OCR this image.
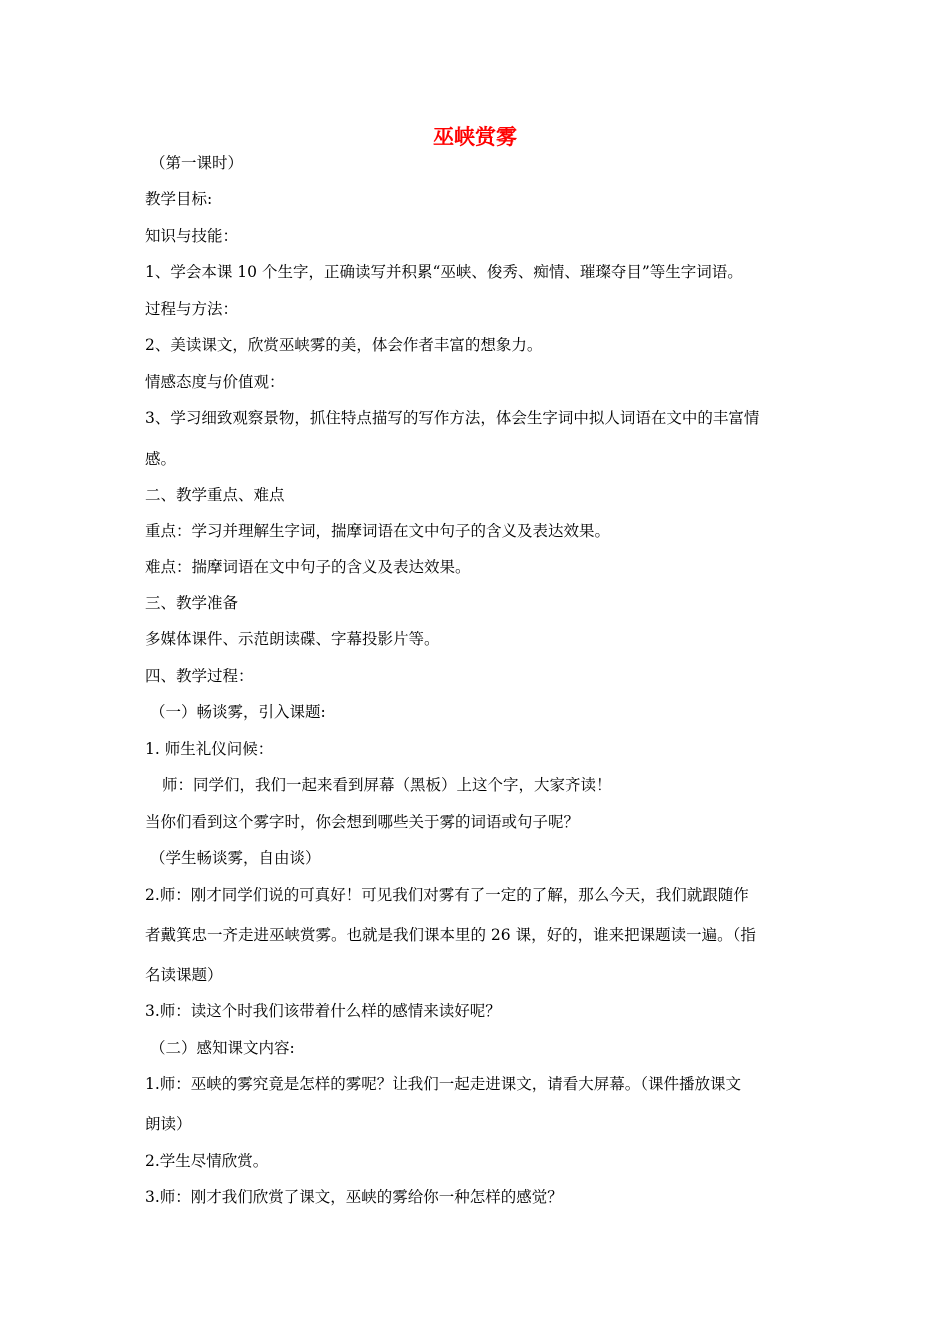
巫峡赏雾
（第一课时）
教学目标:
知识与技能：
1、学会本课 10 个生字，正确读写并积累“巫峡、俊秀、痴情、璀璨夺目”等生字词语。
过程与方法：
2、美读课文，欣赏巫峡雾的美，体会作者丰富的想象力。
情感态度与价值观：
3、学习细致观察景物，抓住特点描写的写作方法，体会生字词中拟人词语在文中的丰富情
感。
二、教学重点、难点
重点：学习并理解生字词，揣摩词语在文中句子的含义及表达效果。
难点：揣摩词语在文中句子的含义及表达效果。
三、教学准备
多媒体课件、示范朗读碟、字幕投影片等。
四、教学过程：
（一）畅谈雾，引入课题:
1. 师生礼仪问候：
师：同学们，我们一起来看到屏幕（黑板）上这个字，大家齐读！
当你们看到这个雾字时，你会想到哪些关于雾的词语或句子呢？
（学生畅谈雾，自由谈）
2.师：刚才同学们说的可真好！可见我们对雾有了一定的了解，那么今天，我们就跟随作
者戴箕忠一齐走进巫峡赏雾。也就是我们课本里的 26 课，好的，谁来把课题读一遍。（指
名读课题）
3.师：读这个时我们该带着什么样的感情来读好呢？
（二）感知课文内容:
1.师：巫峡的雾究竟是怎样的雾呢？让我们一起走进课文，请看大屏幕。（课件播放课文
朗读）
2.学生尽情欣赏。
3.师：刚才我们欣赏了课文，巫峡的雾给你一种怎样的感觉？
